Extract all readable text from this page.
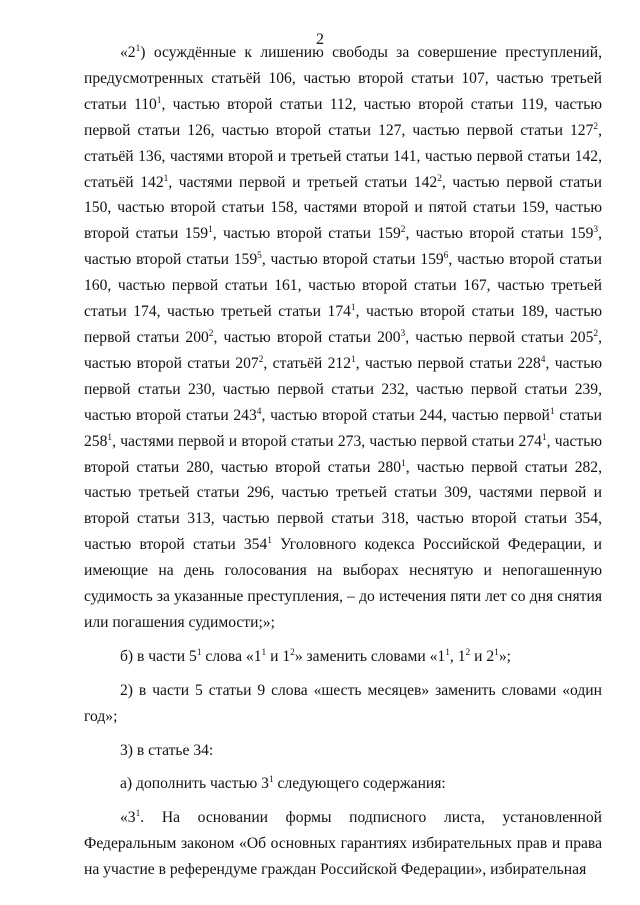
2

«$2^1$) осуждённые к лишению свободы за совершение преступлений, предусмотренных статьёй 106, частью второй статьи 107, частью третьей статьи $110^1$, частью второй статьи 112, частью второй статьи 119, частью первой статьи 126, частью второй статьи 127, частью первой статьи $127^2$, статьёй 136, частями второй и третьей статьи 141, частью первой статьи 142, статьёй $142^1$, частями первой и третьей статьи $142^2$, частью первой статьи 150, частью второй статьи 158, частями второй и пятой статьи 159, частью второй статьи $159^1$, частью второй статьи $159^2$, частью второй статьи $159^3$, частью второй статьи $159^5$, частью второй статьи $159^6$, частью второй статьи 160, частью первой статьи 161, частью второй статьи 167, частью третьей статьи 174, частью третьей статьи $174^1$, частью второй статьи 189, частью первой статьи $200^2$, частью второй статьи $200^3$, частью первой статьи $205^2$, частью второй статьи $207^2$, статьёй $212^1$, частью первой статьи $228^4$, частью первой статьи 230, частью первой статьи 232, частью первой статьи 239, частью второй статьи $243^4$, частью второй статьи 244, частью первой$^1$ статьи $258^1$, частями первой и второй статьи 273, частью первой статьи $274^1$, частью второй статьи 280, частью второй статьи $280^1$, частью первой статьи 282, частью третьей статьи 296, частью третьей статьи 309, частями первой и второй статьи 313, частью первой статьи 318, частью второй статьи 354, частью второй статьи $354^1$ Уголовного кодекса Российской Федерации, и имеющие на день голосования на выборах неснятую и непогашенную судимость за указанные преступления, – до истечения пяти лет со дня снятия или погашения судимости;»;

б) в части $5^1$ слова «$1^1$ и $1^2$» заменить словами «$1^1$, $1^2$ и $2^1$»;

2) в части 5 статьи 9 слова «шесть месяцев» заменить словами «один год»;

3) в статье 34:

а) дополнить частью $3^1$ следующего содержания:

«$3^1$. На основании формы подписного листа, установленной Федеральным законом «Об основных гарантиях избирательных прав и права на участие в референдуме граждан Российской Федерации», избирательная
